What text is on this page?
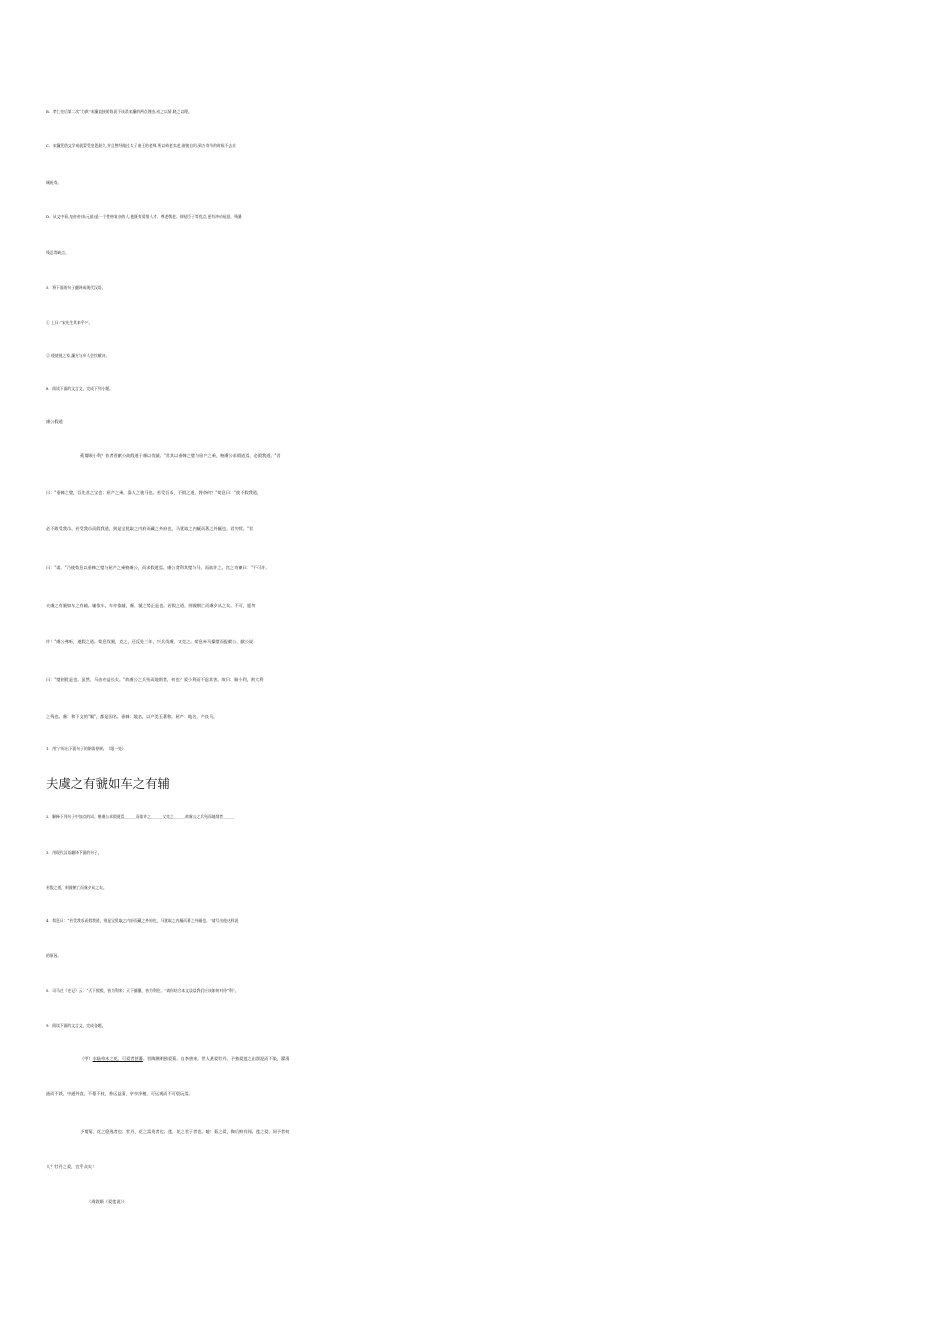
B．孝仁皇后第二次“力救”宋濂直接阶陈说不该杀宋濂的两点理由,动之以情,晓之以理。
C．宋濂凭借文学成就蒙受皇恩最久,并且曾经做过太子诸王的老师,所以倚老卖老,刚愎自用,到万寿节的时候不去京
城祝寿。
D．从文中看,皇帝帝(朱元最)是一个性格复杂的人,他既有爱惜人才、尊老敬老、体贴臣子等优点,更有冲动易怒、残暴
残忍等缺点。
5．将下面的句子翻译成现代汉语。
① 上曰:“宋先生其来乎?”。
② 使使视之家,濂方与乡人会饮赋诗。
8．阅读下面的文言文，完成下列小题。
虞公假道
奚谓顾小利？昔者晋献公欲假道于虞以伐虢。"君其以垂棘之璧与屈产之乘，赂虞公求假道焉，必假我道。"君
曰："垂棘之璧，吾先君之宝也；屈产之乘，寡人之骏马也。若受吾币，不假之道，将奈何？"荀息曰："彼不假我道，
必不敢受我币。若受我币而假我道，则是宝犹取之内府而藏之外府也，马犹取之内厩而著之外厩也。君勿忧。"君
曰："诺。"乃使荀息以垂棘之璧与屈产之乘赂虞公，而求假道焉。虞公贪利其璧与马，而欲许之。宫之奇谏曰："不可许。
夫虞之有虢如车之有辅。辅依车，车亦依辅，虞、虢之势正是也。若假之道，则虢朝亡而虞夕从之矣。不可，愿勿
许！"虞公弗听，遂假之道。荀息伐虢，克之，还反处三年，兴兵伐虞，又克之。荀息牵马操璧而报献公，献公说
曰："璧则犹是也。虽然，马齿亦益长矣。"故虞公之兵殆而地削者，何也？爱小利而不虑其害。故曰：顾小利，则大利
之残也。虞：和下文的"虢"，都是国名。垂棘：地名，以产美玉著称。屈产：地名，产良马。
1．用“/”标出下面句子的朗读停顿。（限一处）
夫虞之有虢如车之有辅
2．解释下列句子中加点的词。赂虞公求假道焉______而欲许之______又克之______故虞公之兵殆而地削者______
3．用现代汉语翻译下面的句子。
若假之道，则虢朝亡而虞夕从之矣。
4．荀息曰：“若受我币而假我道，则是宝犹取之内府而藏之外府也，马犹取之内厩而著之外厩也。”请写出他这样说
的原因。
5．司马迁《史记》云：“天下熙熙，皆为利来；天下攘攘，皆为利往。”请你结合本文谈谈我们应该如何对待“利”。
9．阅读下面的文言文，完成各题。
（甲）水陆草木之花，可爱者甚蕃。晋陶渊明独爱菊。自李唐来，世人甚爱牡丹。予独爱莲之出淤泥而不染，濯清
涟而不妖，中通外直，不蔓不枝，香远益清，亭亭净植，可远观而不可亵玩焉。
予谓菊，花之隐逸者也；牡丹，花之富贵者也；莲，花之君子者也。噫！菊之爱，陶后鲜有闻。莲之爱，同予者何
人？牡丹之爱，宜乎众矣！
（周敦颐《爱莲说》）
